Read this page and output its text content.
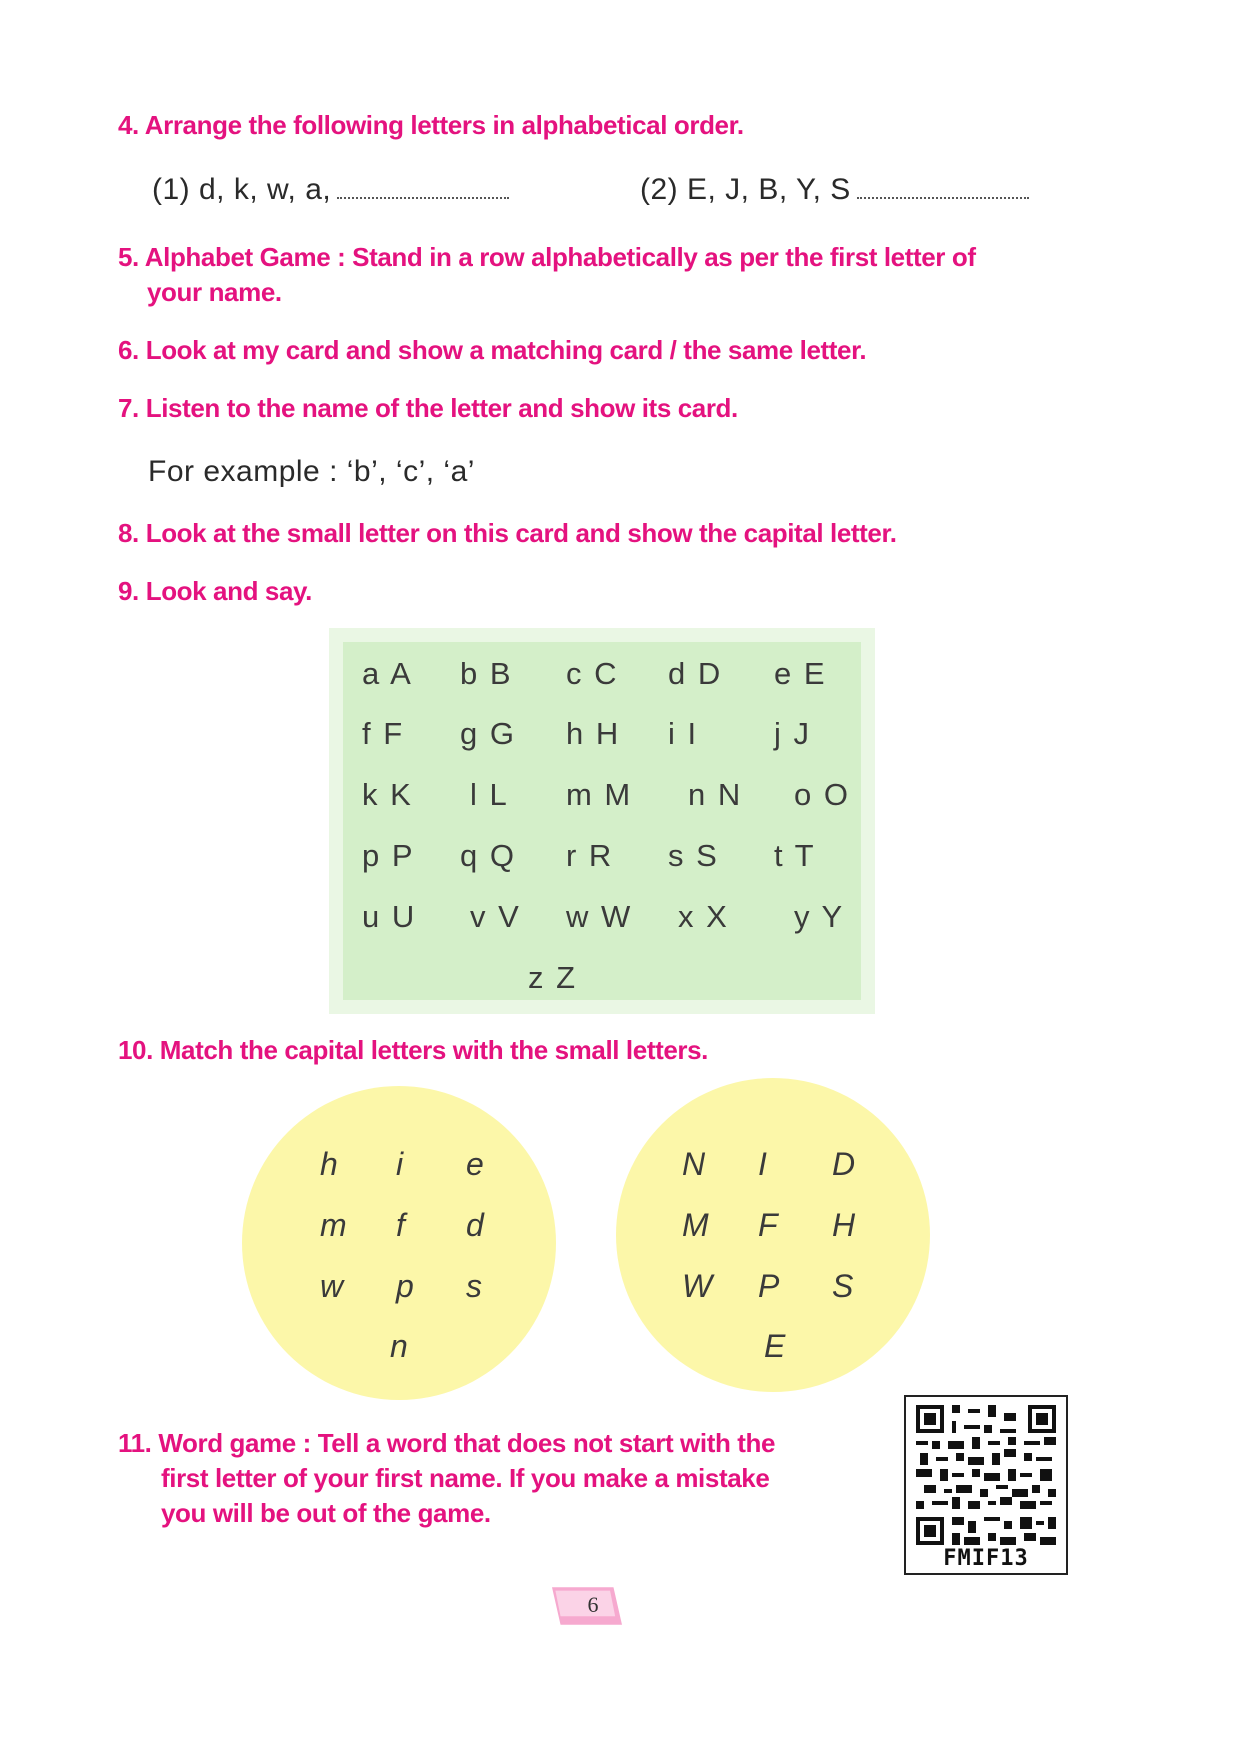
4. Arrange the following letters in alphabetical order.
(1) d, k, w, a,	(2) E, J, B, Y, S
5. Alphabet Game : Stand in a row alphabetically as per the first letter of
your name.
6. Look at my card and show a matching card / the same letter.
7. Listen to the name of the letter and show its card.
For example : ‘b’, ‘c’, ‘a’
8. Look at the small letter on this card and show the capital letter.
9. Look and say.
a A b B c C d D e E
f F g G h H i I j J
k K l L m M n N o O
p P q Q r R s S t T
u U v V w W x X y Y
z Z
10. Match the capital letters with the small letters.
h i e
m f d
w p s
n
N I D
M F H
W P S
E
11. Word game : Tell a word that does not start with the
first letter of your first name. If you make a mistake
you will be out of the game.
FMIF13
6
